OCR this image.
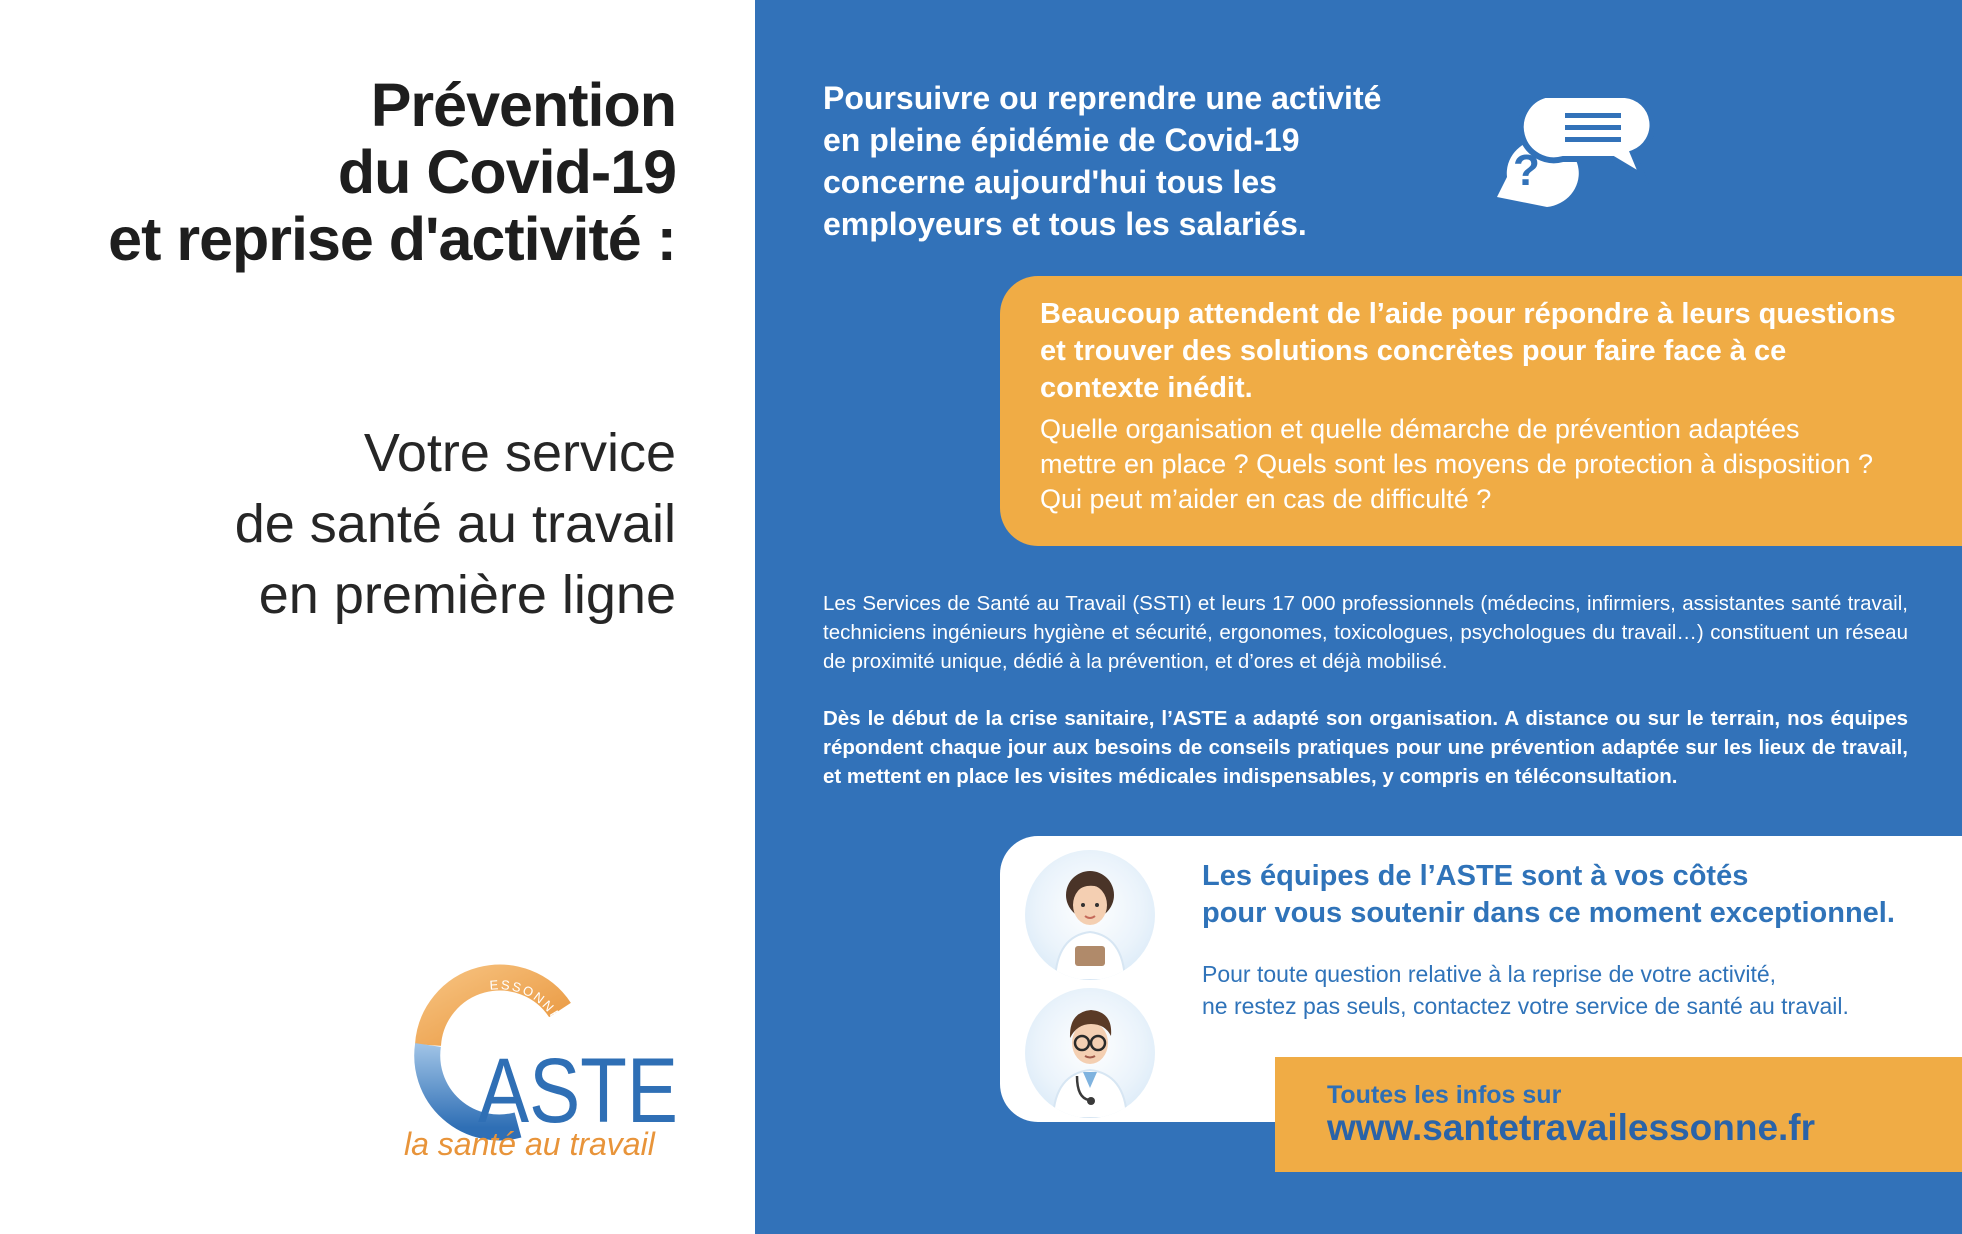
Prévention
du Covid-19
et reprise d'activité :
Votre service
de santé au travail
en première ligne
ESSONNE
ASTE
la santé au travail
Poursuivre ou reprendre une activité
en pleine épidémie de Covid-19
concerne aujourd'hui tous les
employeurs et tous les salariés.
?
Beaucoup attendent de l’aide pour répondre à leurs questions
et trouver des solutions concrètes pour faire face à ce
contexte inédit.
Quelle organisation et quelle démarche de prévention adaptées
mettre en place ? Quels sont les moyens de protection à disposition ?
Qui peut m’aider en cas de difficulté ?

Les Services de Santé au Travail (SSTI) et leurs 17 000 professionnels (médecins, infirmiers, assistantes santé travail, techniciens ingénieurs hygiène et sécurité, ergonomes, toxicologues, psychologues du travail…) constituent un réseau de proximité unique, dédié à la prévention, et d’ores et déjà mobilisé.

Dès le début de la crise sanitaire, l’ASTE a adapté son organisation. A distance ou sur le terrain, nos équipes répondent chaque jour aux besoins de conseils pratiques pour une prévention adaptée sur les lieux de travail, et mettent en place les visites médicales indispensables, y compris en téléconsultation.

Les équipes de l’ASTE sont à vos côtés
pour vous soutenir dans ce moment exceptionnel.
Pour toute question relative à la reprise de votre activité,
ne restez pas seuls, contactez votre service de santé au travail.
Toutes les infos sur
www.santetravailessonne.fr
